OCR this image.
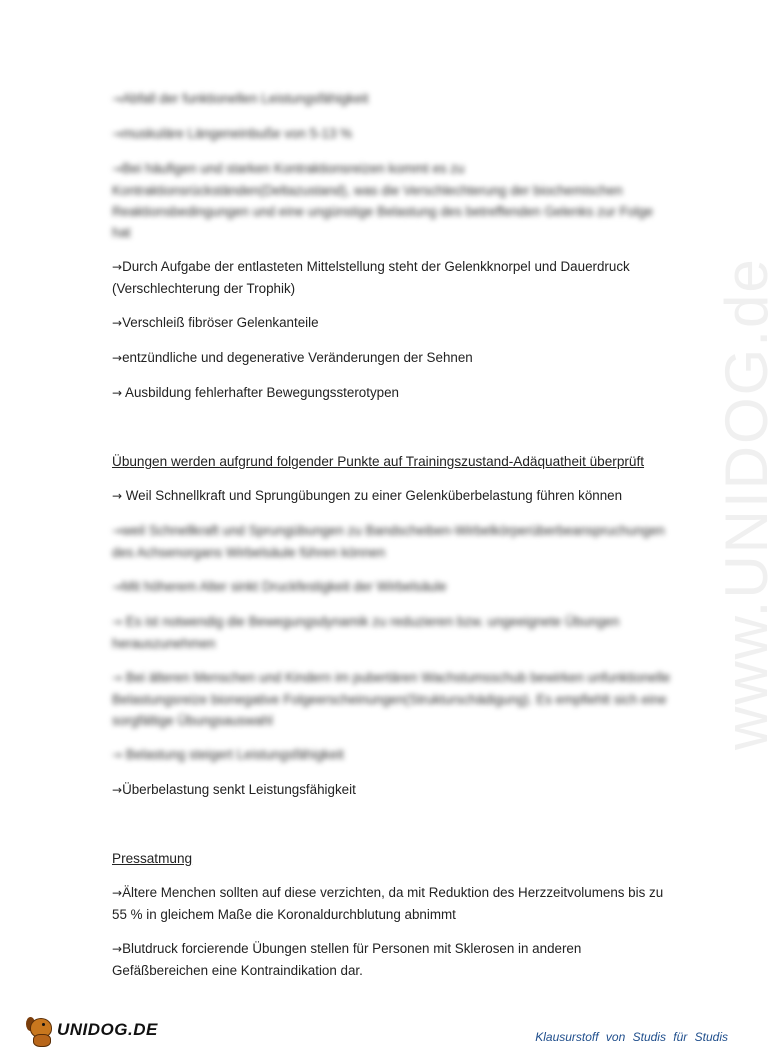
www.UNIDOG.de

→Abfall der funktionellen Leistungsfähigkeit

→muskuläre Längeneinbuße von 5-13 %

→Bei häufigen und starken Kontraktionsreizen kommt es zu Kontraktionsrückständen(Deltazustand), was die Verschlechterung der biochemischen Reaktionsbedingungen und eine ungünstige Belastung des betreffenden Gelenks zur Folge hat

→Durch Aufgabe der entlasteten Mittelstellung steht der Gelenkknorpel und Dauerdruck (Verschlechterung der Trophik)

→Verschleiß fibröser Gelenkanteile

→entzündliche und degenerative Veränderungen der Sehnen

→ Ausbildung fehlerhafter Bewegungssterotypen

Übungen werden aufgrund folgender Punkte auf Trainingszustand-Adäquatheit überprüft

→ Weil Schnellkraft und Sprungübungen zu einer Gelenküberbelastung führen können

→weil Schnellkraft und Sprungübungen zu Bandscheiben-Wirbelkörperüberbeanspruchungen des Achsenorgans Wirbelsäule führen können

→Mit höherem Alter sinkt Druckfestigkeit der Wirbelsäule

→ Es ist notwendig die Bewegungsdynamik zu reduzieren bzw. ungeeignete Übungen herauszunehmen

→ Bei älteren Menschen und Kindern im pubertären Wachstumsschub bewirken unfunktionelle Belastungsreize bionegative Folgeerscheinungen(Strukturschädigung). Es empfiehlt sich eine sorgfältige Übungsauswahl

→ Belastung steigert Leistungsfähigkeit

→Überbelastung senkt Leistungsfähigkeit

Pressatmung

→Ältere Menchen sollten auf diese verzichten, da mit Reduktion des Herzzeitvolumens bis zu 55 % in gleichem Maße die Koronaldurchblutung abnimmt

→Blutdruck forcierende Übungen stellen für Personen mit Sklerosen in anderen Gefäßbereichen eine Kontraindikation dar.

UNIDOG.DE	Klausurstoff von Studis für Studis
